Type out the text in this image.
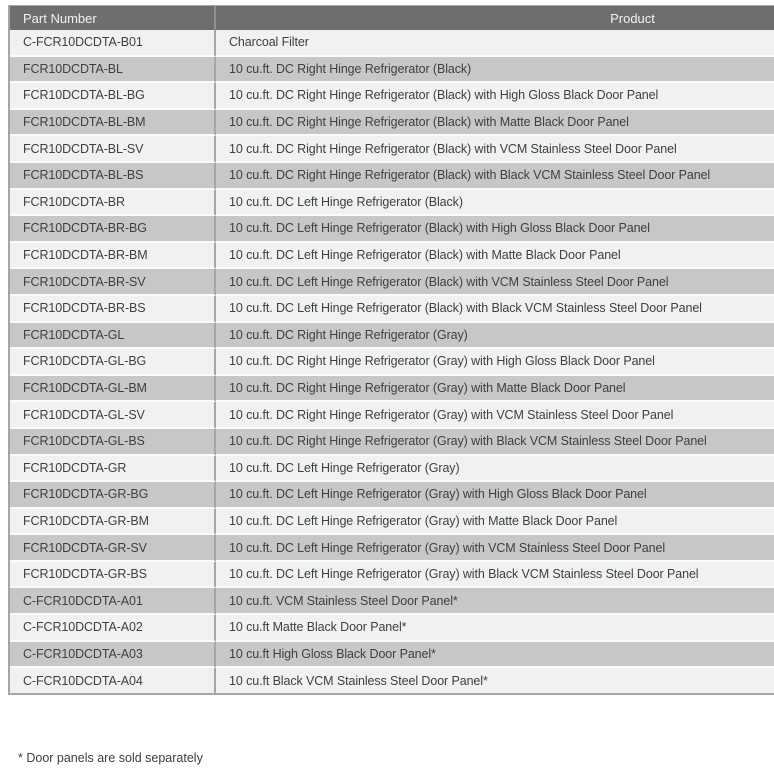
Part Number	Product
C-FCR10DCDTA-B01	Charcoal Filter
FCR10DCDTA-BL	10 cu.ft. DC Right Hinge Refrigerator (Black)
FCR10DCDTA-BL-BG	10 cu.ft. DC Right Hinge Refrigerator (Black) with High Gloss Black Door Panel
FCR10DCDTA-BL-BM	10 cu.ft. DC Right Hinge Refrigerator (Black) with Matte Black Door Panel
FCR10DCDTA-BL-SV	10 cu.ft. DC Right Hinge Refrigerator (Black) with VCM Stainless Steel Door Panel
FCR10DCDTA-BL-BS	10 cu.ft. DC Right Hinge Refrigerator (Black) with Black VCM Stainless Steel Door Panel
FCR10DCDTA-BR	10 cu.ft. DC Left Hinge Refrigerator (Black)
FCR10DCDTA-BR-BG	10 cu.ft. DC Left Hinge Refrigerator (Black) with High Gloss Black Door Panel
FCR10DCDTA-BR-BM	10 cu.ft. DC Left Hinge Refrigerator (Black) with Matte Black Door Panel
FCR10DCDTA-BR-SV	10 cu.ft. DC Left Hinge Refrigerator (Black) with VCM Stainless Steel Door Panel
FCR10DCDTA-BR-BS	10 cu.ft. DC Left Hinge Refrigerator (Black) with Black VCM Stainless Steel Door Panel
FCR10DCDTA-GL	10 cu.ft. DC Right Hinge Refrigerator (Gray)
FCR10DCDTA-GL-BG	10 cu.ft. DC Right Hinge Refrigerator (Gray) with High Gloss Black Door Panel
FCR10DCDTA-GL-BM	10 cu.ft. DC Right Hinge Refrigerator (Gray) with Matte Black Door Panel
FCR10DCDTA-GL-SV	10 cu.ft. DC Right Hinge Refrigerator (Gray) with VCM Stainless Steel Door Panel
FCR10DCDTA-GL-BS	10 cu.ft. DC Right Hinge Refrigerator (Gray) with Black VCM Stainless Steel Door Panel
FCR10DCDTA-GR	10 cu.ft. DC Left Hinge Refrigerator (Gray)
FCR10DCDTA-GR-BG	10 cu.ft. DC Left Hinge Refrigerator (Gray) with High Gloss Black Door Panel
FCR10DCDTA-GR-BM	10 cu.ft. DC Left Hinge Refrigerator (Gray) with Matte Black Door Panel
FCR10DCDTA-GR-SV	10 cu.ft. DC Left Hinge Refrigerator (Gray) with VCM Stainless Steel Door Panel
FCR10DCDTA-GR-BS	10 cu.ft. DC Left Hinge Refrigerator (Gray) with Black VCM Stainless Steel Door Panel
C-FCR10DCDTA-A01	10 cu.ft. VCM Stainless Steel Door Panel*
C-FCR10DCDTA-A02	10 cu.ft Matte Black Door Panel*
C-FCR10DCDTA-A03	10 cu.ft High Gloss Black Door Panel*
C-FCR10DCDTA-A04	10 cu.ft Black VCM Stainless Steel Door Panel*
* Door panels are sold separately
